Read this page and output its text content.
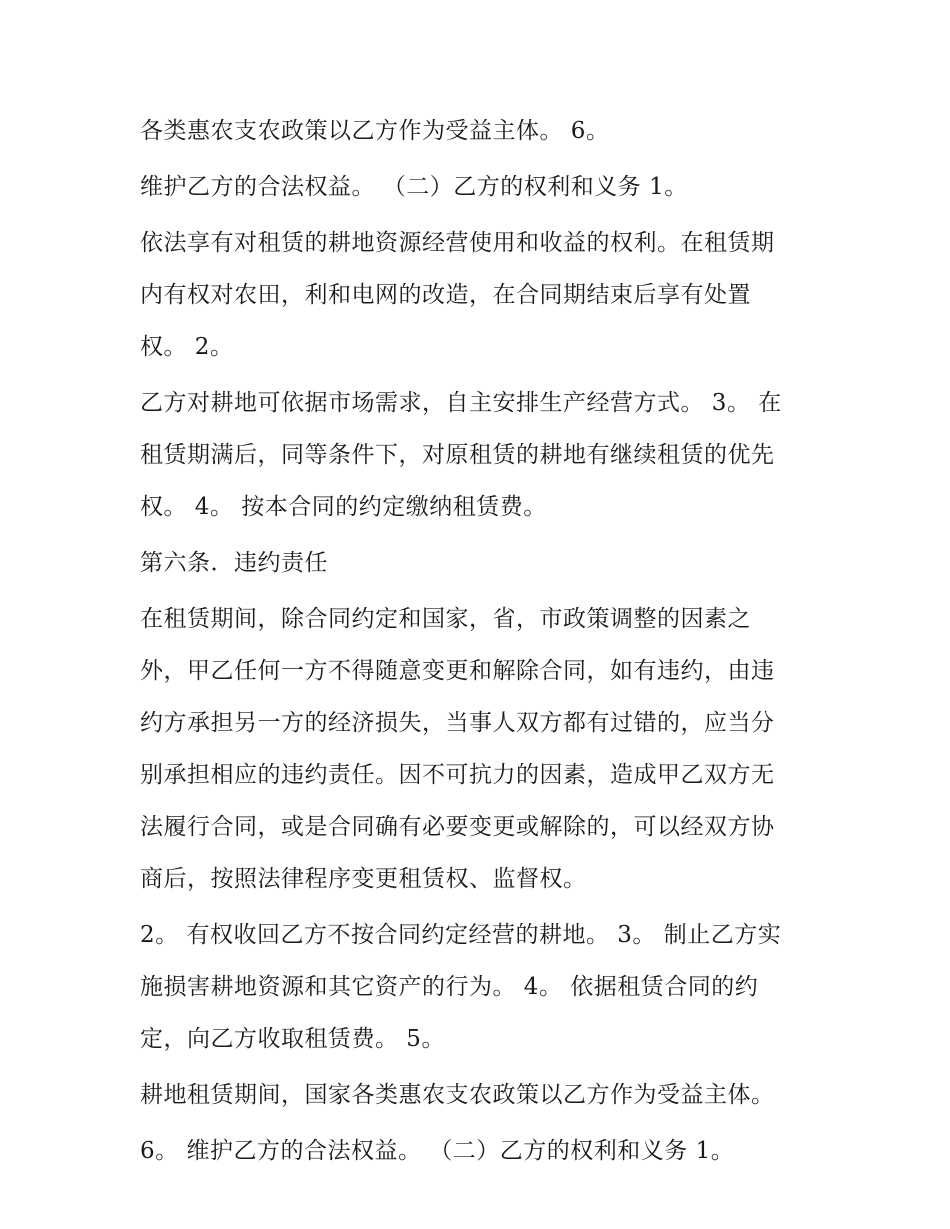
各类惠农支农政策以乙方作为受益主体。 6。

维护乙方的合法权益。 （二）乙方的权利和义务 1。

依法享有对租赁的耕地资源经营使用和收益的权利。在租赁期
内有权对农田，利和电网的改造，在合同期结束后享有处置
权。 2。

乙方对耕地可依据市场需求，自主安排生产经营方式。 3。 在
租赁期满后，同等条件下，对原租赁的耕地有继续租赁的优先
权。 4。 按本合同的约定缴纳租赁费。

第六条．违约责任

在租赁期间，除合同约定和国家，省，市政策调整的因素之
外，甲乙任何一方不得随意变更和解除合同，如有违约，由违
约方承担另一方的经济损失，当事人双方都有过错的，应当分
别承担相应的违约责任。因不可抗力的因素，造成甲乙双方无
法履行合同，或是合同确有必要变更或解除的，可以经双方协
商后，按照法律程序变更租赁权、监督权。

2。 有权收回乙方不按合同约定经营的耕地。 3。 制止乙方实
施损害耕地资源和其它资产的行为。 4。 依据租赁合同的约
定，向乙方收取租赁费。 5。

耕地租赁期间，国家各类惠农支农政策以乙方作为受益主体。

6。 维护乙方的合法权益。 （二）乙方的权利和义务 1。
